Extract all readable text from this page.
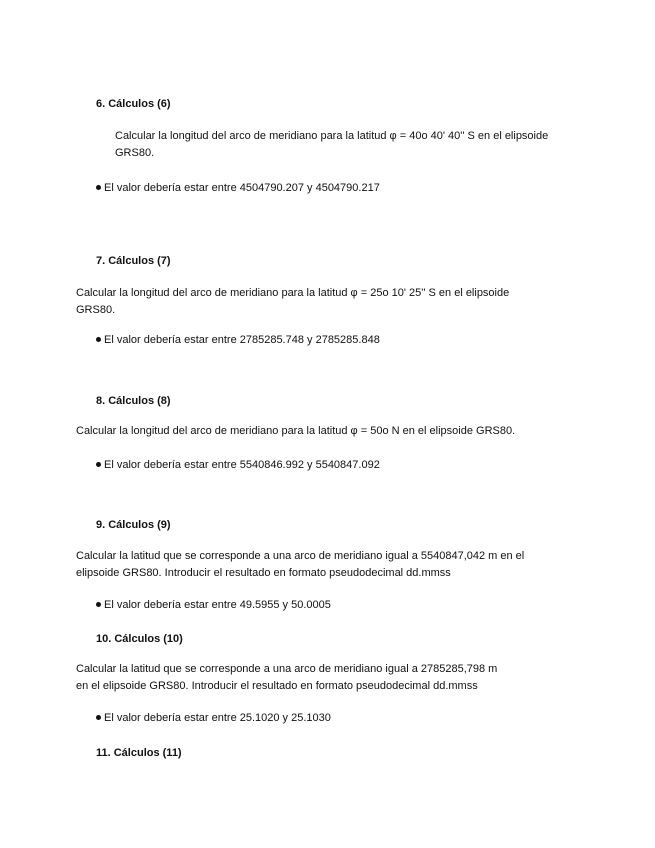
6. Cálculos (6)
Calcular la longitud del arco de meridiano para la latitud φ = 40o 40' 40'' S en el elipsoide
GRS80.
El valor debería estar entre 4504790.207 y 4504790.217
7. Cálculos (7)
Calcular la longitud del arco de meridiano para la latitud φ = 25o 10' 25'' S en el elipsoide
GRS80.
El valor debería estar entre 2785285.748 y 2785285.848
8. Cálculos (8)
Calcular la longitud del arco de meridiano para la latitud φ = 50o N en el elipsoide GRS80.
El valor debería estar entre 5540846.992 y 5540847.092
9. Cálculos (9)
Calcular la latitud que se corresponde a una arco de meridiano igual a 5540847,042 m en el
elipsoide GRS80. Introducir el resultado en formato pseudodecimal dd.mmss
El valor debería estar entre 49.5955 y 50.0005
10. Cálculos (10)
Calcular la latitud que se corresponde a una arco de meridiano igual a 2785285,798 m
en el elipsoide GRS80. Introducir el resultado en formato pseudodecimal dd.mmss
El valor debería estar entre 25.1020 y 25.1030
11. Cálculos (11)
